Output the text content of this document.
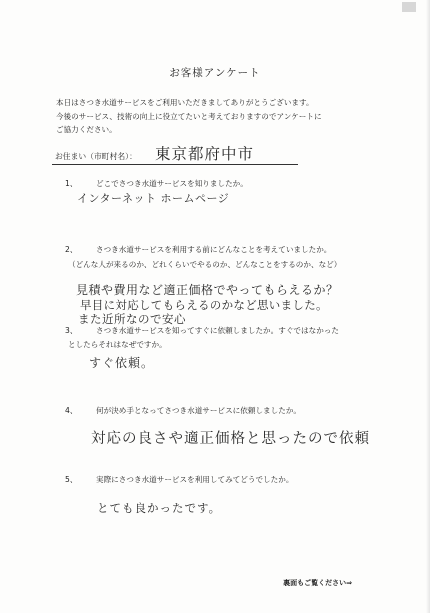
お客様アンケート
本日はさつき水道サービスをご利用いただきましてありがとうございます。
今後のサービス、技術の向上に役立てたいと考えておりますのでアンケートに
ご協力ください。
お住まい（市町村名）： 東京都府中市
1、 どこでさつき水道サービスを知りましたか。
インターネット ホームページ
2、 さつき水道サービスを利用する前にどんなことを考えていましたか。
（どんな人が来るのか、どれくらいでやるのか、どんなことをするのか、など）
見積や費用など適正価格でやってもらえるか？
早目に対応してもらえるのかなど思いました。
また近所なので安心
3、 さつき水道サービスを知ってすぐに依頼しましたか。すぐではなかった
としたらそれはなぜですか。
すぐ依頼。
4、 何が決め手となってさつき水道サービスに依頼しましたか。
対応の良さや適正価格と思ったので依頼
5、 実際にさつき水道サービスを利用してみてどうでしたか。
とても良かったです。
裏面もご覧ください⇒
